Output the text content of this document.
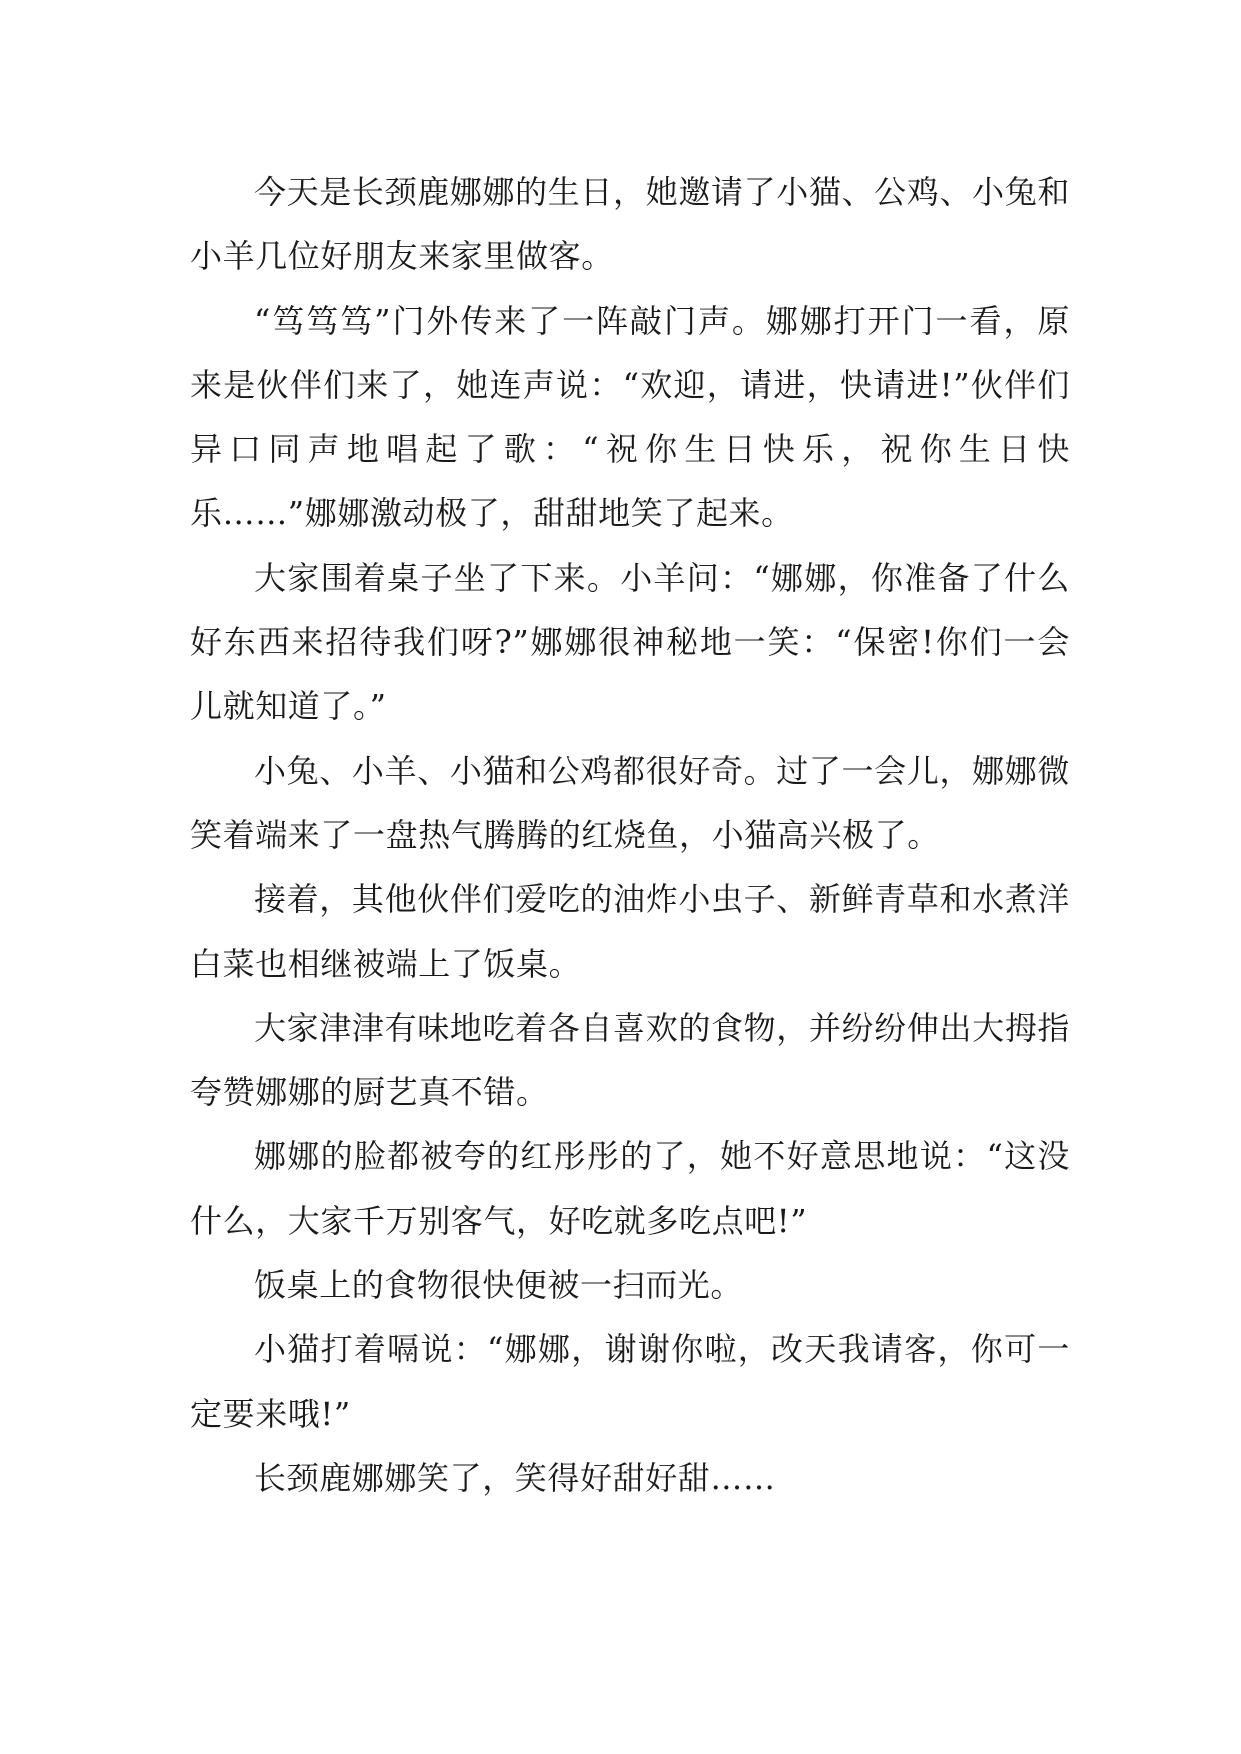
今天是长颈鹿娜娜的生日，她邀请了小猫、公鸡、小兔和小羊几位好朋友来家里做客。

“笃笃笃”门外传来了一阵敲门声。娜娜打开门一看，原来是伙伴们来了，她连声说：“欢迎，请进，快请进!”伙伴们异口同声地唱起了歌：“祝你生日快乐，祝你生日快乐……”娜娜激动极了，甜甜地笑了起来。

大家围着桌子坐了下来。小羊问：“娜娜，你准备了什么好东西来招待我们呀?”娜娜很神秘地一笑：“保密!你们一会儿就知道了。”

小兔、小羊、小猫和公鸡都很好奇。过了一会儿，娜娜微笑着端来了一盘热气腾腾的红烧鱼，小猫高兴极了。

接着，其他伙伴们爱吃的油炸小虫子、新鲜青草和水煮洋白菜也相继被端上了饭桌。

大家津津有味地吃着各自喜欢的食物，并纷纷伸出大拇指夸赞娜娜的厨艺真不错。

娜娜的脸都被夸的红彤彤的了，她不好意思地说：“这没什么，大家千万别客气，好吃就多吃点吧!”

饭桌上的食物很快便被一扫而光。

小猫打着嗝说：“娜娜，谢谢你啦，改天我请客，你可一定要来哦!”

长颈鹿娜娜笑了，笑得好甜好甜……
